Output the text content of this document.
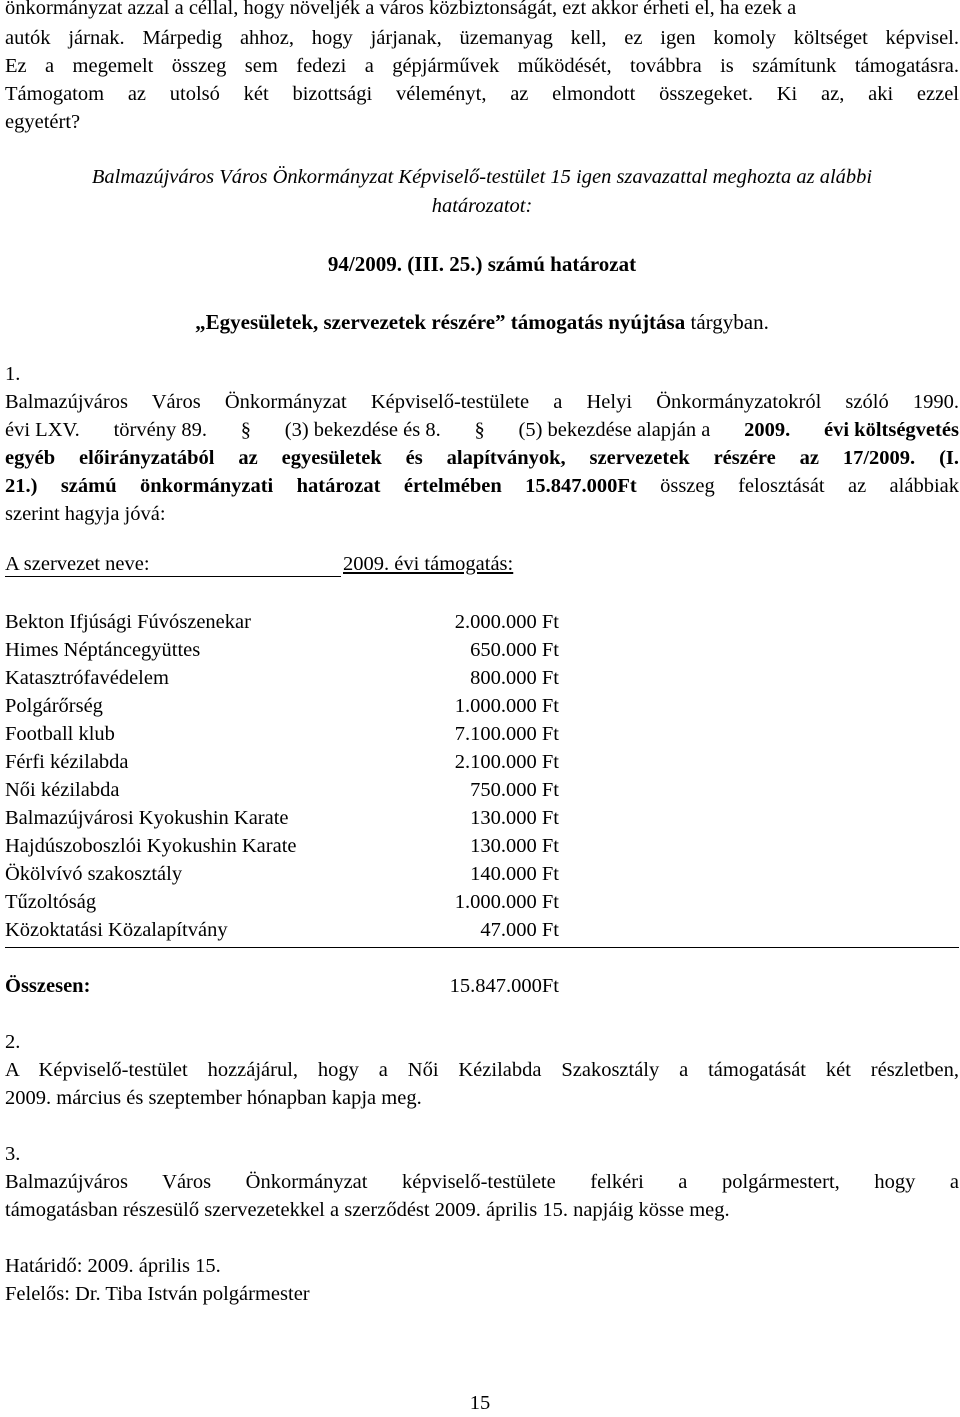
önkormányzat azzal a céllal, hogy növeljék a város közbiztonságát, ezt akkor érheti el, ha ezek a
autók járnak. Márpedig ahhoz, hogy járjanak, üzemanyag kell, ez igen komoly költséget képvisel.
Ez a megemelt összeg sem fedezi a gépjárművek működését, továbbra is számítunk támogatásra.
Támogatom az utolsó két bizottsági véleményt, az elmondott összegeket. Ki az, aki ezzel
egyetért?
Balmazújváros Város Önkormányzat Képviselő-testület 15 igen szavazattal meghozta az alábbi
határozatot:
94/2009. (III. 25.) számú határozat
„Egyesületek, szervezetek részére” támogatás nyújtása tárgyban.
1.
Balmazújváros Város Önkormányzat Képviselő-testülete a Helyi Önkormányzatokról szóló 1990.
évi LXV. törvény 89. § (3) bekezdése és 8. § (5) bekezdése alapján a 2009. évi költségvetés
egyéb előirányzatából az egyesületek és alapítványok, szervezetek részére az 17/2009. (I.
21.) számú önkormányzati határozat értelmében 15.847.000Ft összeg felosztását az alábbiak
szerint hagyja jóvá:
A szervezet neve:	2009. évi támogatás:
Bekton Ifjúsági Fúvószenekar	2.000.000 Ft
Himes Néptáncegyüttes	650.000 Ft
Katasztrófavédelem	800.000 Ft
Polgárőrség	1.000.000 Ft
Football klub	7.100.000 Ft
Férfi kézilabda	2.100.000 Ft
Női kézilabda	750.000 Ft
Balmazújvárosi Kyokushin Karate	130.000 Ft
Hajdúszoboszlói Kyokushin Karate	130.000 Ft
Ökölvívó szakosztály	140.000 Ft
Tűzoltóság	1.000.000 Ft
Közoktatási Közalapítvány	47.000 Ft
Összesen:	15.847.000Ft
2.
A Képviselő-testület hozzájárul, hogy a Női Kézilabda Szakosztály a támogatását két részletben,
2009. március és szeptember hónapban kapja meg.
3.
Balmazújváros Város Önkormányzat képviselő-testülete felkéri a polgármestert, hogy a
támogatásban részesülő szervezetekkel a szerződést 2009. április 15. napjáig kösse meg.
Határidő: 2009. április 15.
Felelős: Dr. Tiba István polgármester
15
